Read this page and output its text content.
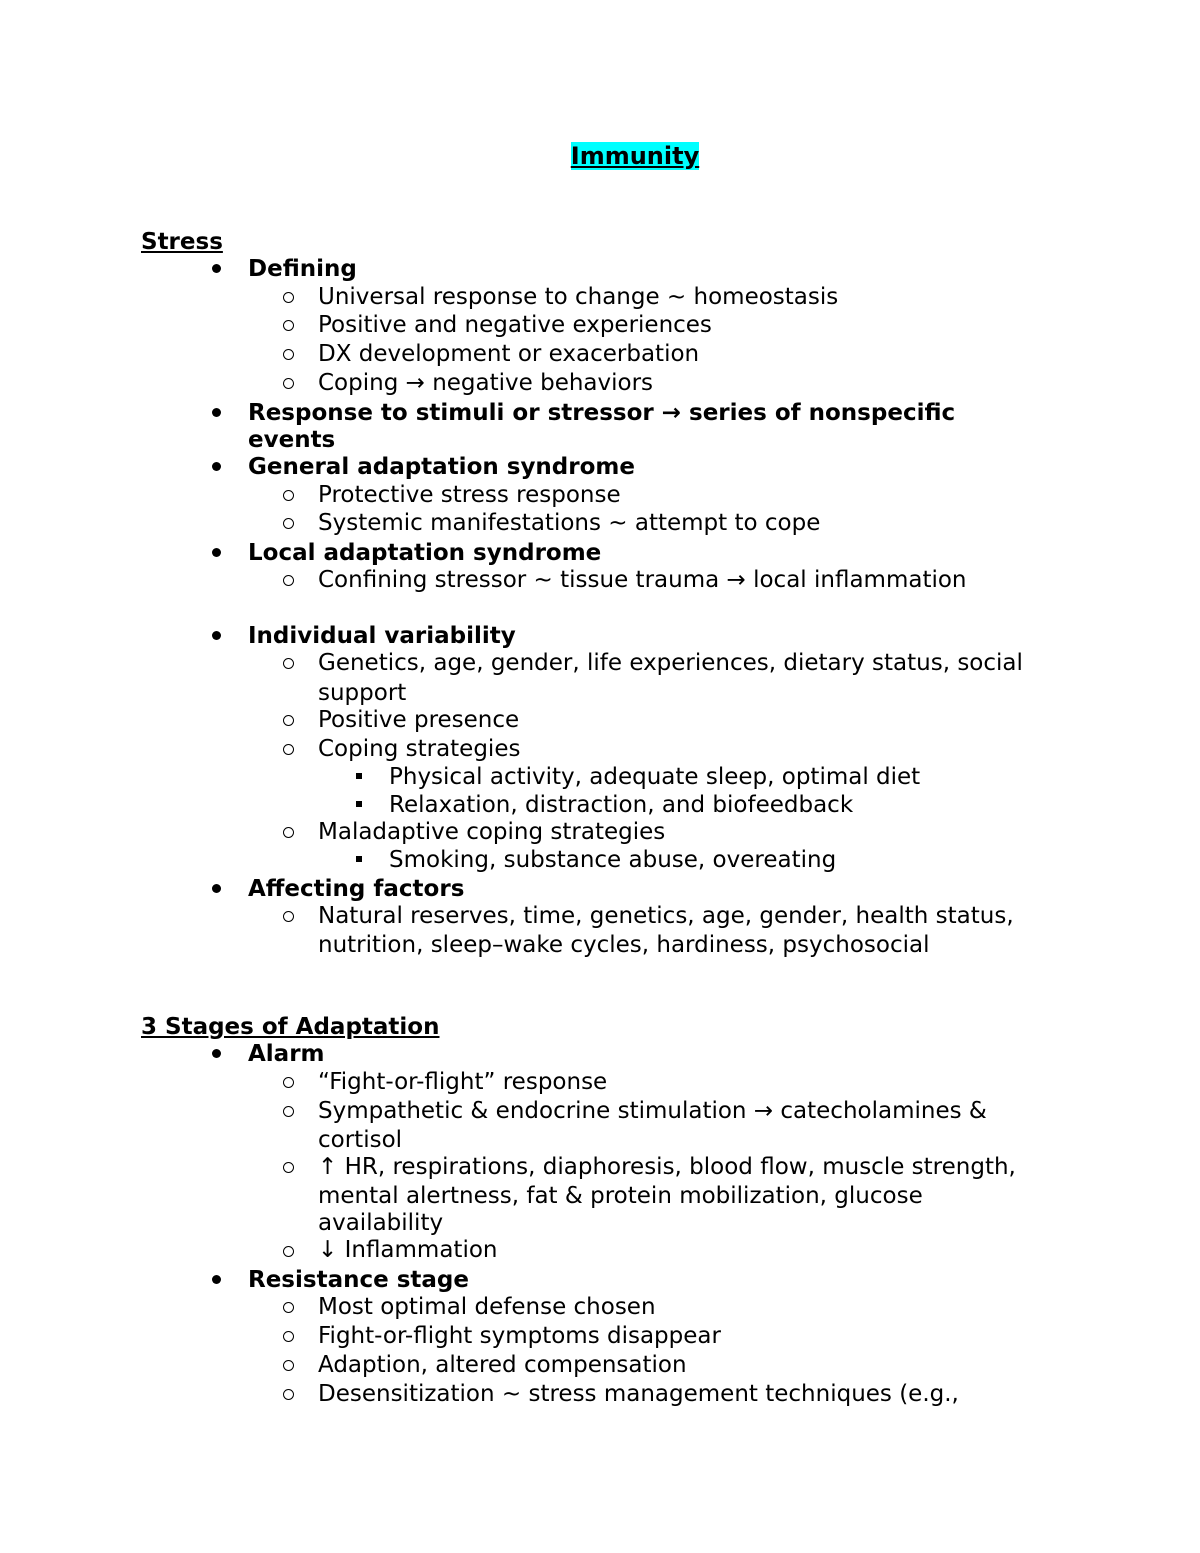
Immunity
Stress
Defining
Universal response to change ~ homeostasis
Positive and negative experiences
DX development or exacerbation
Coping → negative behaviors
Response to stimuli or stressor → series of nonspecific
events
General adaptation syndrome
Protective stress response
Systemic manifestations ~ attempt to cope
Local adaptation syndrome
Confining stressor ~ tissue trauma → local inflammation
Individual variability
Genetics, age, gender, life experiences, dietary status, social
support
Positive presence
Coping strategies
Physical activity, adequate sleep, optimal diet
Relaxation, distraction, and biofeedback
Maladaptive coping strategies
Smoking, substance abuse, overeating
Affecting factors
Natural reserves, time, genetics, age, gender, health status,
nutrition, sleep–wake cycles, hardiness, psychosocial
3 Stages of Adaptation
Alarm
“Fight-or-flight” response
Sympathetic & endocrine stimulation → catecholamines &
cortisol
↑ HR, respirations, diaphoresis, blood flow, muscle strength,
mental alertness, fat & protein mobilization, glucose
availability
↓ Inflammation
Resistance stage
Most optimal defense chosen
Fight-or-flight symptoms disappear
Adaption, altered compensation
Desensitization ~ stress management techniques (e.g.,
